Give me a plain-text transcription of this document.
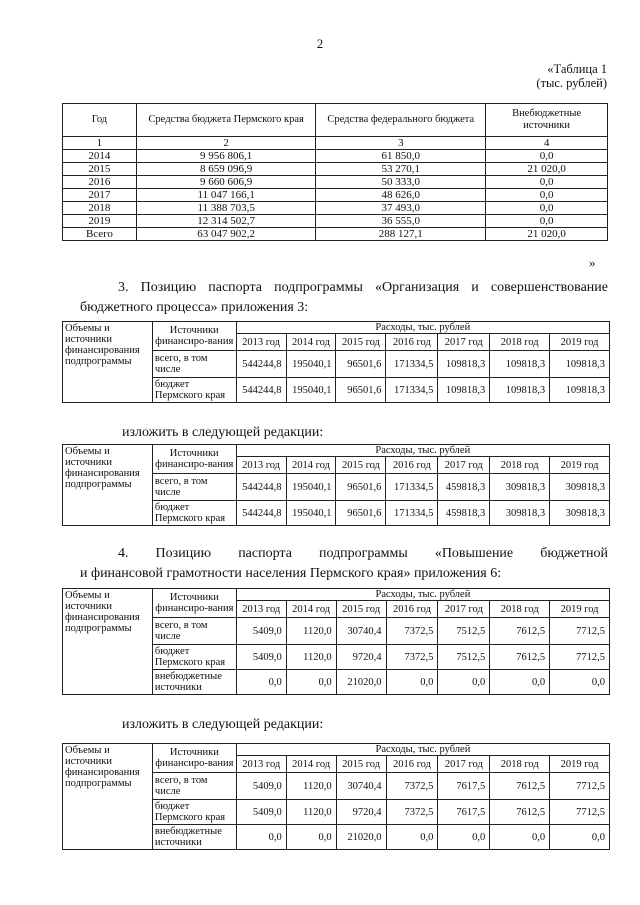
2
«Таблица 1
(тыс. рублей)
Год	Средства бюджета Пермского края	Средства федерального бюджета	Внебюджетные источники
1	2	3	4
2014	9 956 806,1	61 850,0	0,0
2015	8 659 096,9	53 270,1	21 020,0
2016	9 660 606,9	50 333,0	0,0
2017	11 047 166,1	48 626,0	0,0
2018	11 388 703,5	37 493,0	0,0
2019	12 314 502,7	36 555,0	0,0
Всего	63 047 902,2	288 127,1	21 020,0
»
3. Позицию паспорта подпрограммы «Организация и совершенствование
бюджетного процесса» приложения 3:
Объемы и источники финансирования подпрограммы	Источники финансиро-вания	Расходы, тыс. рублей						
		2013 год	2014 год	2015 год	2016 год	2017 год	2018 год	2019 год
	всего, в том числе	544244,8	195040,1	96501,6	171334,5	109818,3	109818,3	109818,3
	бюджет Пермского края	544244,8	195040,1	96501,6	171334,5	109818,3	109818,3	109818,3
изложить в следующей редакции:
Объемы и источники финансирования подпрограммы	Источники финансиро-вания	Расходы, тыс. рублей						
		2013 год	2014 год	2015 год	2016 год	2017 год	2018 год	2019 год
	всего, в том числе	544244,8	195040,1	96501,6	171334,5	459818,3	309818,3	309818,3
	бюджет Пермского края	544244,8	195040,1	96501,6	171334,5	459818,3	309818,3	309818,3
4. Позицию паспорта подпрограммы «Повышение бюджетной
и финансовой грамотности населения Пермского края» приложения 6:
Объемы и источники финансирования подпрограммы	Источники финансиро-вания	Расходы, тыс. рублей						
		2013 год	2014 год	2015 год	2016 год	2017 год	2018 год	2019 год
	всего, в том числе	5409,0	1120,0	30740,4	7372,5	7512,5	7612,5	7712,5
	бюджет Пермского края	5409,0	1120,0	9720,4	7372,5	7512,5	7612,5	7712,5
	внебюджетные источники	0,0	0,0	21020,0	0,0	0,0	0,0	0,0
изложить в следующей редакции:
Объемы и источники финансирования подпрограммы	Источники финансиро-вания	Расходы, тыс. рублей						
		2013 год	2014 год	2015 год	2016 год	2017 год	2018 год	2019 год
	всего, в том числе	5409,0	1120,0	30740,4	7372,5	7617,5	7612,5	7712,5
	бюджет Пермского края	5409,0	1120,0	9720,4	7372,5	7617,5	7612,5	7712,5
	внебюджетные источники	0,0	0,0	21020,0	0,0	0,0	0,0	0,0
